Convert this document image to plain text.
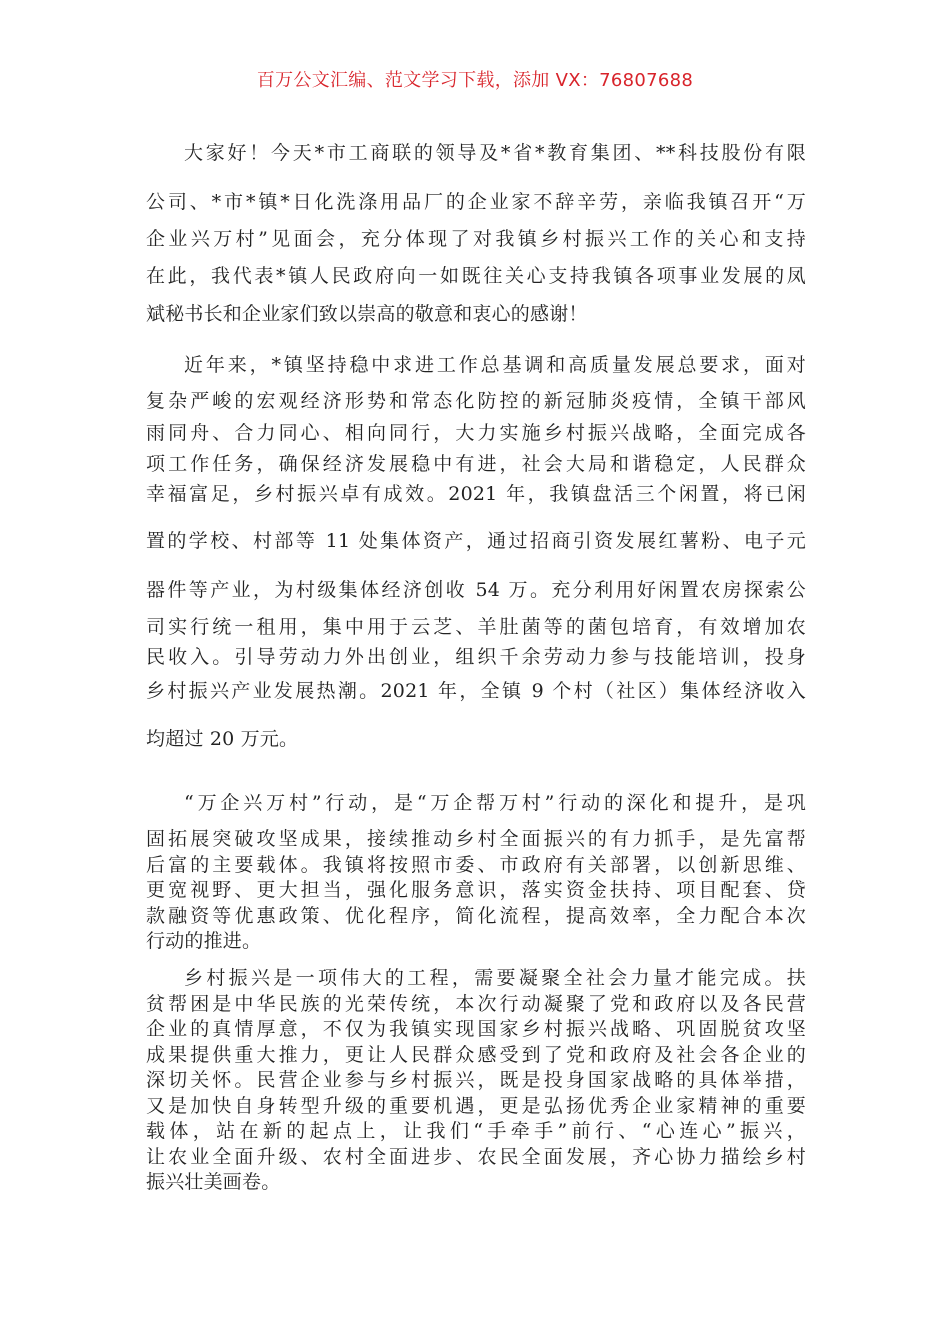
百万公文汇编、范文学习下载，添加 VX：76807688
大家好！今天*市工商联的领导及*省*教育集团、**科技股份有限
公司、*市*镇*日化洗涤用品厂的企业家不辞辛劳，亲临我镇召开“万
企业兴万村”见面会，充分体现了对我镇乡村振兴工作的关心和支持
在此，我代表*镇人民政府向一如既往关心支持我镇各项事业发展的凤
斌秘书长和企业家们致以崇高的敬意和衷心的感谢！
近年来，*镇坚持稳中求进工作总基调和高质量发展总要求，面对
复杂严峻的宏观经济形势和常态化防控的新冠肺炎疫情，全镇干部风
雨同舟、合力同心、相向同行，大力实施乡村振兴战略，全面完成各
项工作任务，确保经济发展稳中有进，社会大局和谐稳定，人民群众
幸福富足，乡村振兴卓有成效。2021 年，我镇盘活三个闲置，将已闲
置的学校、村部等 11 处集体资产，通过招商引资发展红薯粉、电子元
器件等产业，为村级集体经济创收 54 万。充分利用好闲置农房探索公
司实行统一租用，集中用于云芝、羊肚菌等的菌包培育，有效增加农
民收入。引导劳动力外出创业，组织千余劳动力参与技能培训，投身
乡村振兴产业发展热潮。2021 年，全镇 9 个村（社区）集体经济收入
均超过 20 万元。
“万企兴万村”行动，是“万企帮万村”行动的深化和提升，是巩
固拓展突破攻坚成果，接续推动乡村全面振兴的有力抓手，是先富帮
后富的主要载体。我镇将按照市委、市政府有关部署，以创新思维、
更宽视野、更大担当，强化服务意识，落实资金扶持、项目配套、贷
款融资等优惠政策、优化程序，简化流程，提高效率，全力配合本次
行动的推进。
乡村振兴是一项伟大的工程，需要凝聚全社会力量才能完成。扶
贫帮困是中华民族的光荣传统，本次行动凝聚了党和政府以及各民营
企业的真情厚意，不仅为我镇实现国家乡村振兴战略、巩固脱贫攻坚
成果提供重大推力，更让人民群众感受到了党和政府及社会各企业的
深切关怀。民营企业参与乡村振兴，既是投身国家战略的具体举措，
又是加快自身转型升级的重要机遇，更是弘扬优秀企业家精神的重要
载体，站在新的起点上，让我们“手牵手”前行、“心连心”振兴，
让农业全面升级、农村全面进步、农民全面发展，齐心协力描绘乡村
振兴壮美画卷。
